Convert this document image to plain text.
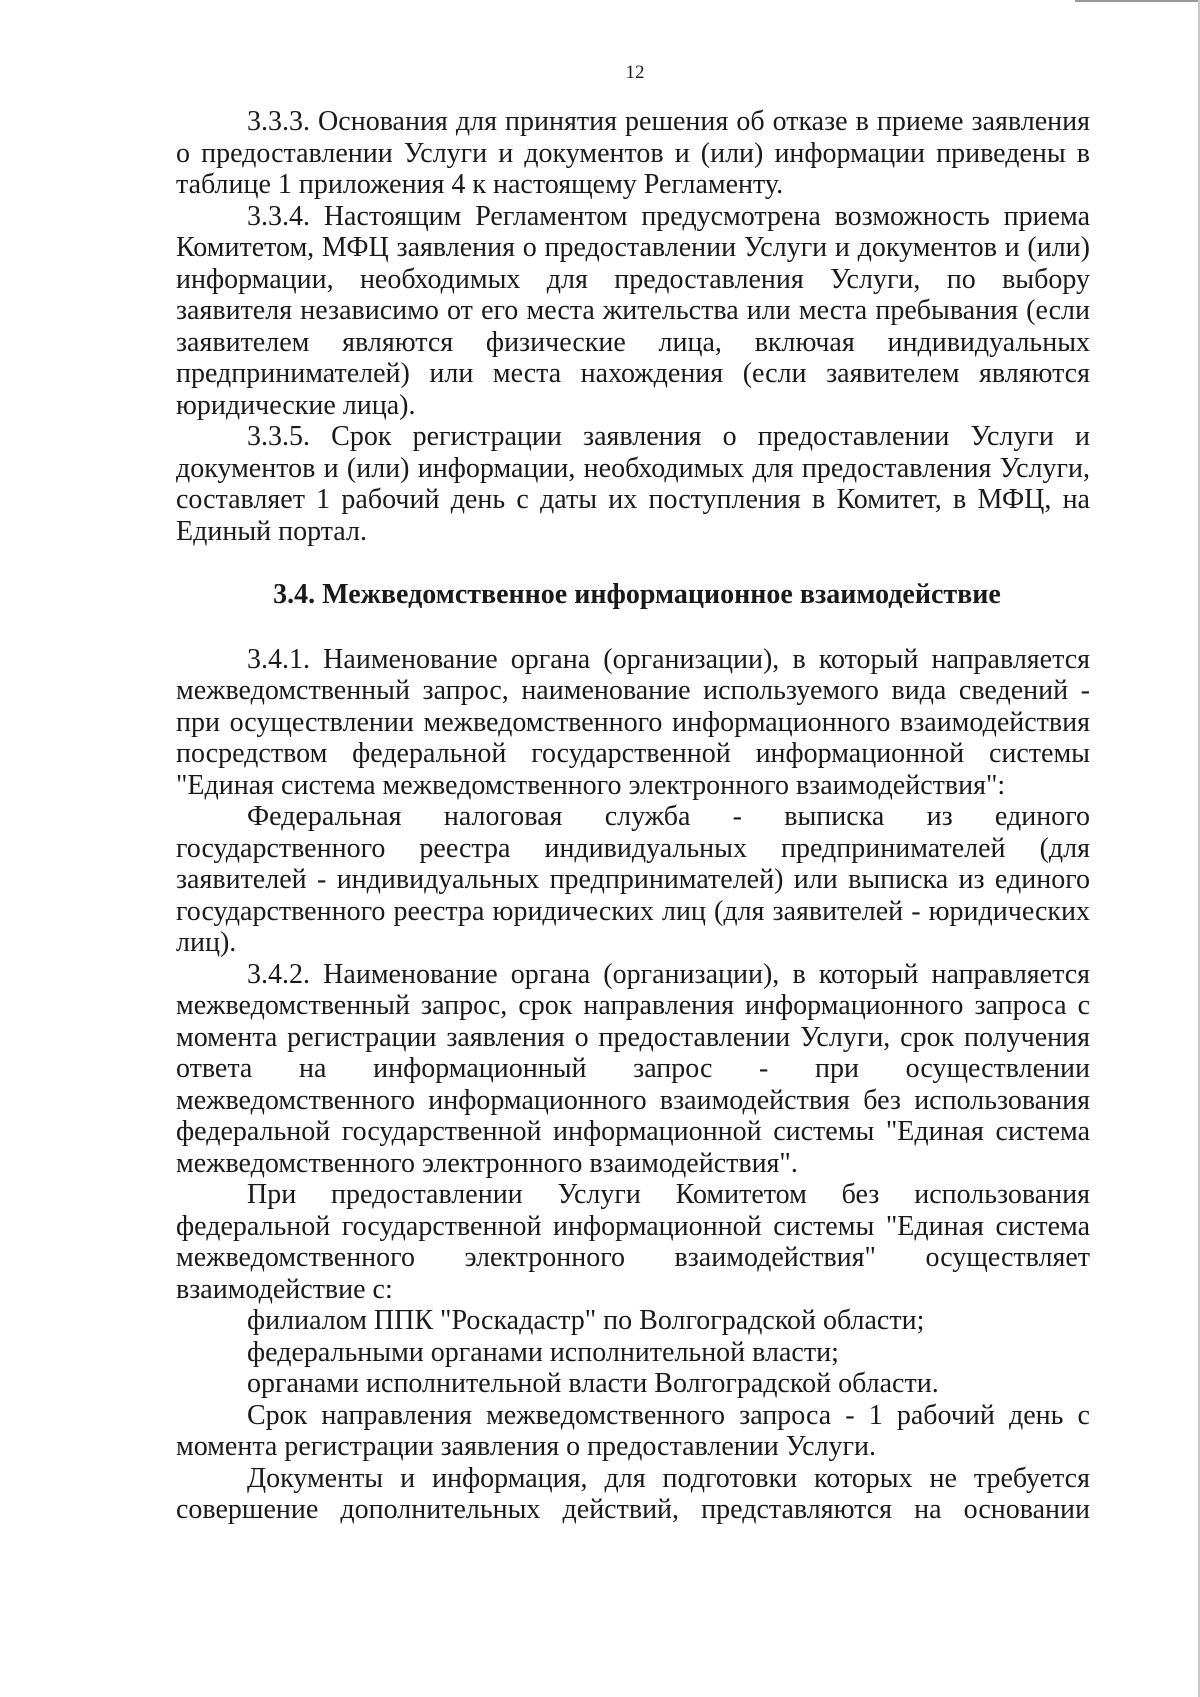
12

3.3.3. Основания для принятия решения об отказе в приеме заявления о предоставлении Услуги и документов и (или) информации приведены в таблице 1 приложения 4 к настоящему Регламенту.

3.3.4. Настоящим Регламентом предусмотрена возможность приема Комитетом, МФЦ заявления о предоставлении Услуги и документов и (или) информации, необходимых для предоставления Услуги, по выбору заявителя независимо от его места жительства или места пребывания (если заявителем являются физические лица, включая индивидуальных предпринимателей) или места нахождения (если заявителем являются юридические лица).

3.3.5. Срок регистрации заявления о предоставлении Услуги и документов и (или) информации, необходимых для предоставления Услуги, составляет 1 рабочий день с даты их поступления в Комитет, в МФЦ, на Единый портал.

3.4. Межведомственное информационное взаимодействие

3.4.1. Наименование органа (организации), в который направляется межведомственный запрос, наименование используемого вида сведений - при осуществлении межведомственного информационного взаимодействия посредством федеральной государственной информационной системы "Единая система межведомственного электронного взаимодействия":

Федеральная налоговая служба - выписка из единого государственного реестра индивидуальных предпринимателей (для заявителей - индивидуальных предпринимателей) или выписка из единого государственного реестра юридических лиц (для заявителей - юридических лиц).

3.4.2. Наименование органа (организации), в который направляется межведомственный запрос, срок направления информационного запроса с момента регистрации заявления о предоставлении Услуги, срок получения ответа на информационный запрос - при осуществлении межведомственного информационного взаимодействия без использования федеральной государственной информационной системы "Единая система межведомственного электронного взаимодействия".

При предоставлении Услуги Комитетом без использования федеральной государственной информационной системы "Единая система межведомственного электронного взаимодействия" осуществляет взаимодействие с:

филиалом ППК "Роскадастр" по Волгоградской области;

федеральными органами исполнительной власти;

органами исполнительной власти Волгоградской области.

Срок направления межведомственного запроса - 1 рабочий день с момента регистрации заявления о предоставлении Услуги.

Документы и информация, для подготовки которых не требуется совершение дополнительных действий, представляются на основании
